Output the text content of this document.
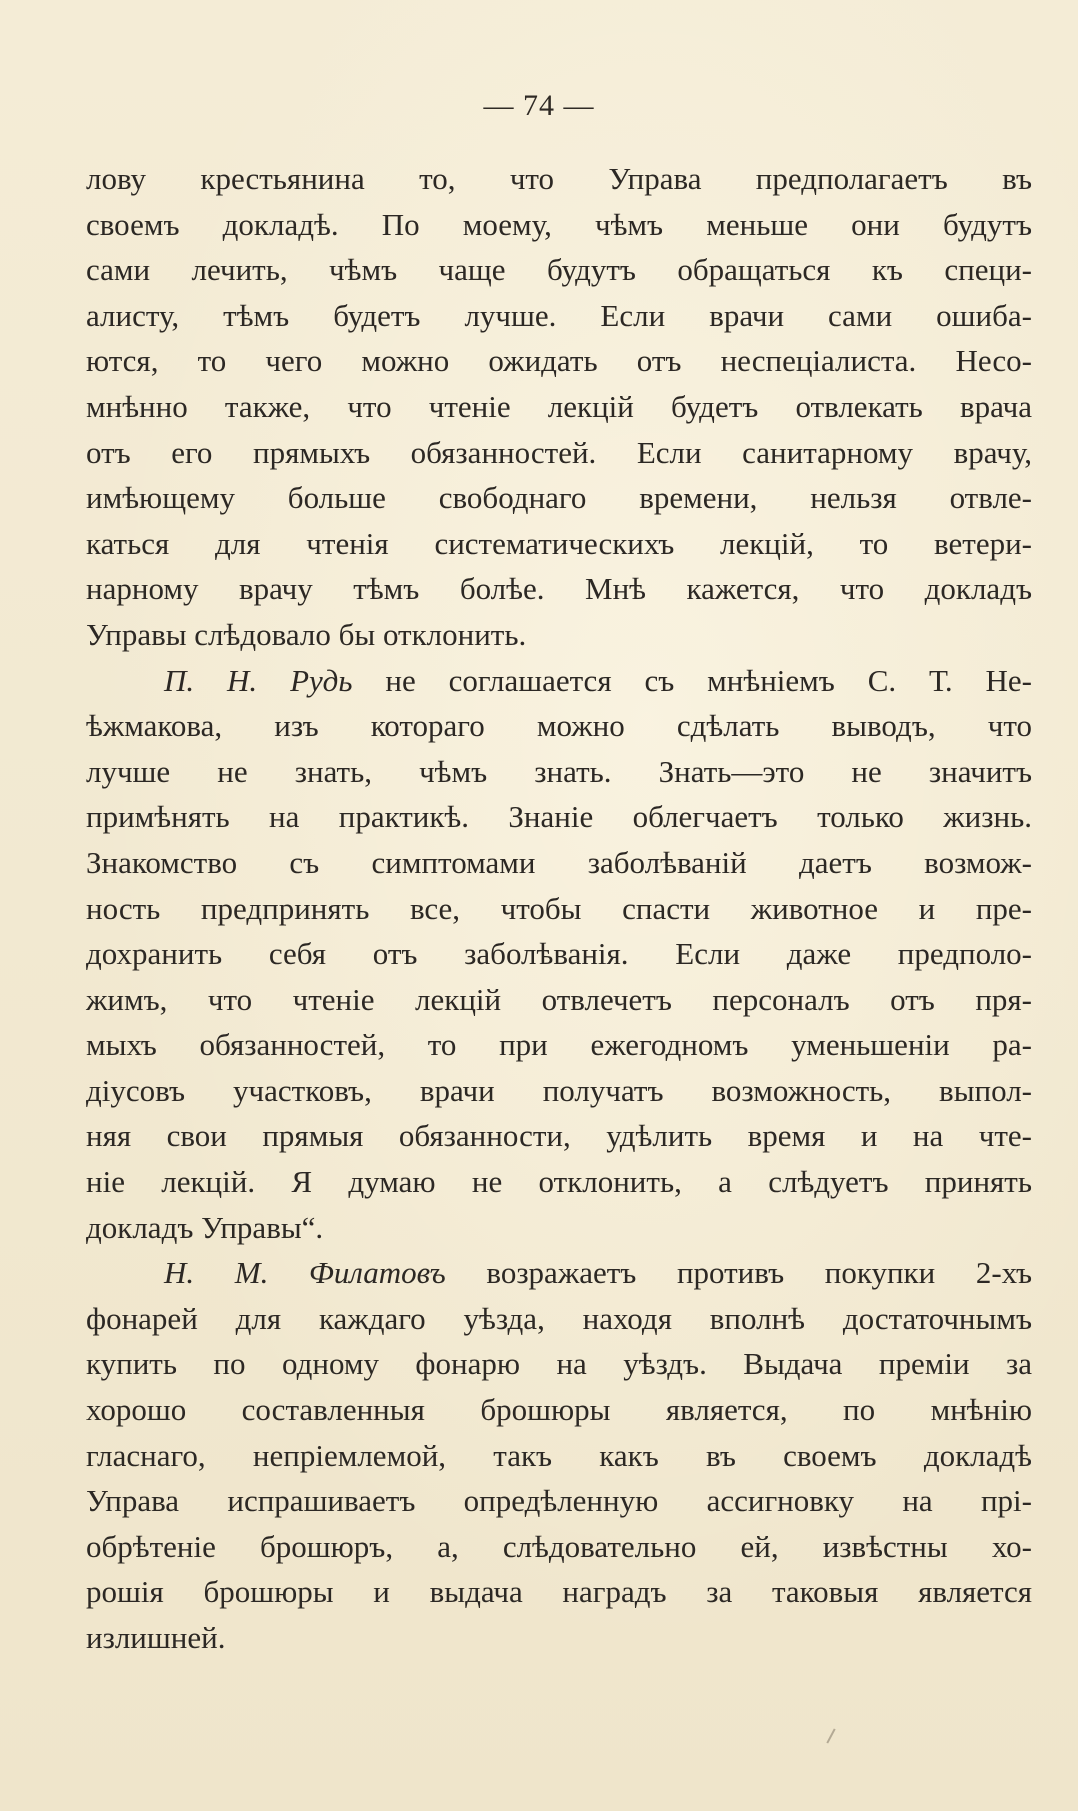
— 74 —
лову крестьянина то, что Управа предполагаетъ въ
своемъ докладѣ. По моему, чѣмъ меньше они будутъ
сами лечить, чѣмъ чаще будутъ обращаться къ специ-
алисту, тѣмъ будетъ лучше. Если врачи сами ошиба-
ются, то чего можно ожидать отъ неспеціалиста. Несо-
мнѣнно также, что чтеніе лекцій будетъ отвлекать врача
отъ его прямыхъ обязанностей. Если санитарному врачу,
имѣющему больше свободнаго времени, нельзя отвле-
каться для чтенія систематическихъ лекцій, то ветери-
нарному врачу тѣмъ болѣе. Мнѣ кажется, что докладъ
Управы слѣдовало бы отклонить.
П. Н. Рудь не соглашается съ мнѣніемъ С. Т. Не-
ѣжмакова, изъ котораго можно сдѣлать выводъ, что
лучше не знать, чѣмъ знать. Знать—это не значитъ
примѣнять на практикѣ. Знаніе облегчаетъ только жизнь.
Знакомство съ симптомами заболѣваній даетъ возмож-
ность предпринять все, чтобы спасти животное и пре-
дохранить себя отъ заболѣванія. Если даже предполо-
жимъ, что чтеніе лекцій отвлечетъ персоналъ отъ пря-
мыхъ обязанностей, то при ежегодномъ уменьшеніи ра-
діусовъ участковъ, врачи получатъ возможность, выпол-
няя свои прямыя обязанности, удѣлить время и на чте-
ніе лекцій. Я думаю не отклонить, а слѣдуетъ принять
докладъ Управы“.
Н. М. Филатовъ возражаетъ противъ покупки 2-хъ
фонарей для каждаго уѣзда, находя вполнѣ достаточнымъ
купить по одному фонарю на уѣздъ. Выдача преміи за
хорошо составленныя брошюры является, по мнѣнію
гласнаго, непріемлемой, такъ какъ въ своемъ докладѣ
Управа испрашиваетъ опредѣленную ассигновку на прі-
обрѣтеніе брошюръ, а, слѣдовательно ей, извѣстны хо-
рошія брошюры и выдача наградъ за таковыя является
излишней.
